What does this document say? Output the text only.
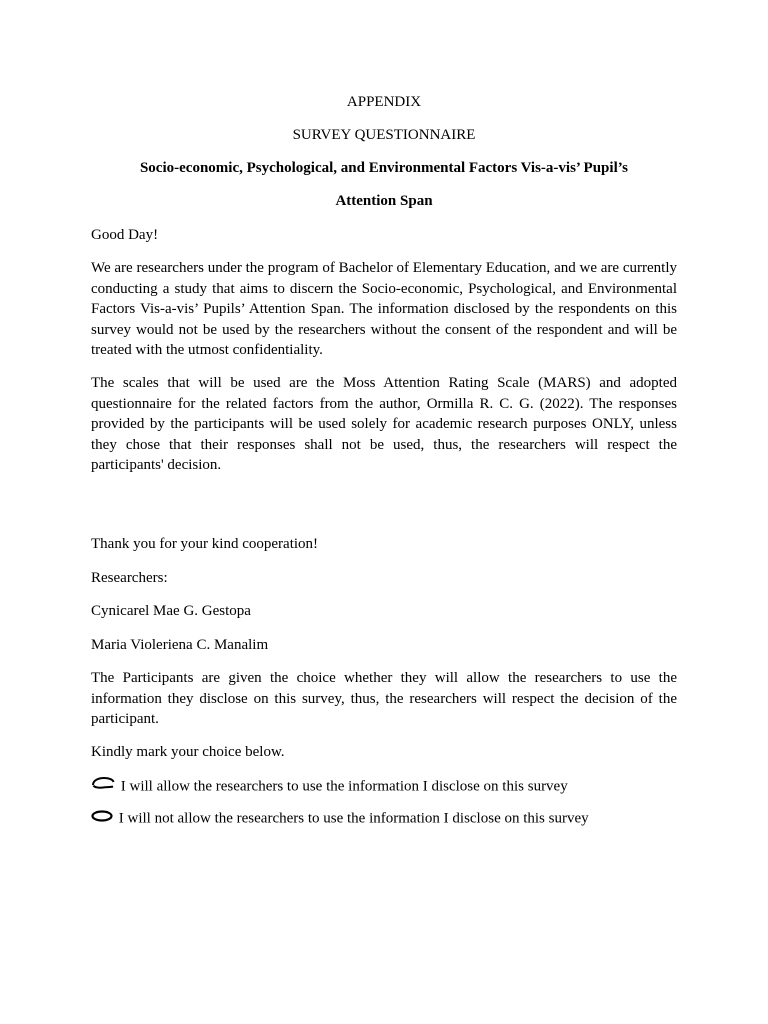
APPENDIX
SURVEY QUESTIONNAIRE
Socio-economic, Psychological, and Environmental Factors Vis-a-vis’ Pupil’s
Attention Span

Good Day!

We are researchers under the program of Bachelor of Elementary Education, and we are currently conducting a study that aims to discern the Socio-economic, Psychological, and Environmental Factors Vis-a-vis’ Pupils’ Attention Span. The information disclosed by the respondents on this survey would not be used by the researchers without the consent of the respondent and will be treated with the utmost confidentiality.

The scales that will be used are the Moss Attention Rating Scale (MARS) and adopted questionnaire for the related factors from the author, Ormilla R. C. G. (2022). The responses provided by the participants will be used solely for academic research purposes ONLY, unless they chose that their responses shall not be used, thus, the researchers will respect the participants' decision.

Thank you for your kind cooperation!

Researchers:

Cynicarel Mae G. Gestopa

Maria Violeriena C. Manalim

The Participants are given the choice whether they will allow the researchers to use the information they disclose on this survey, thus, the researchers will respect the decision of the participant.

Kindly mark your choice below.

I will allow the researchers to use the information I disclose on this survey
I will not allow the researchers to use the information I disclose on this survey
